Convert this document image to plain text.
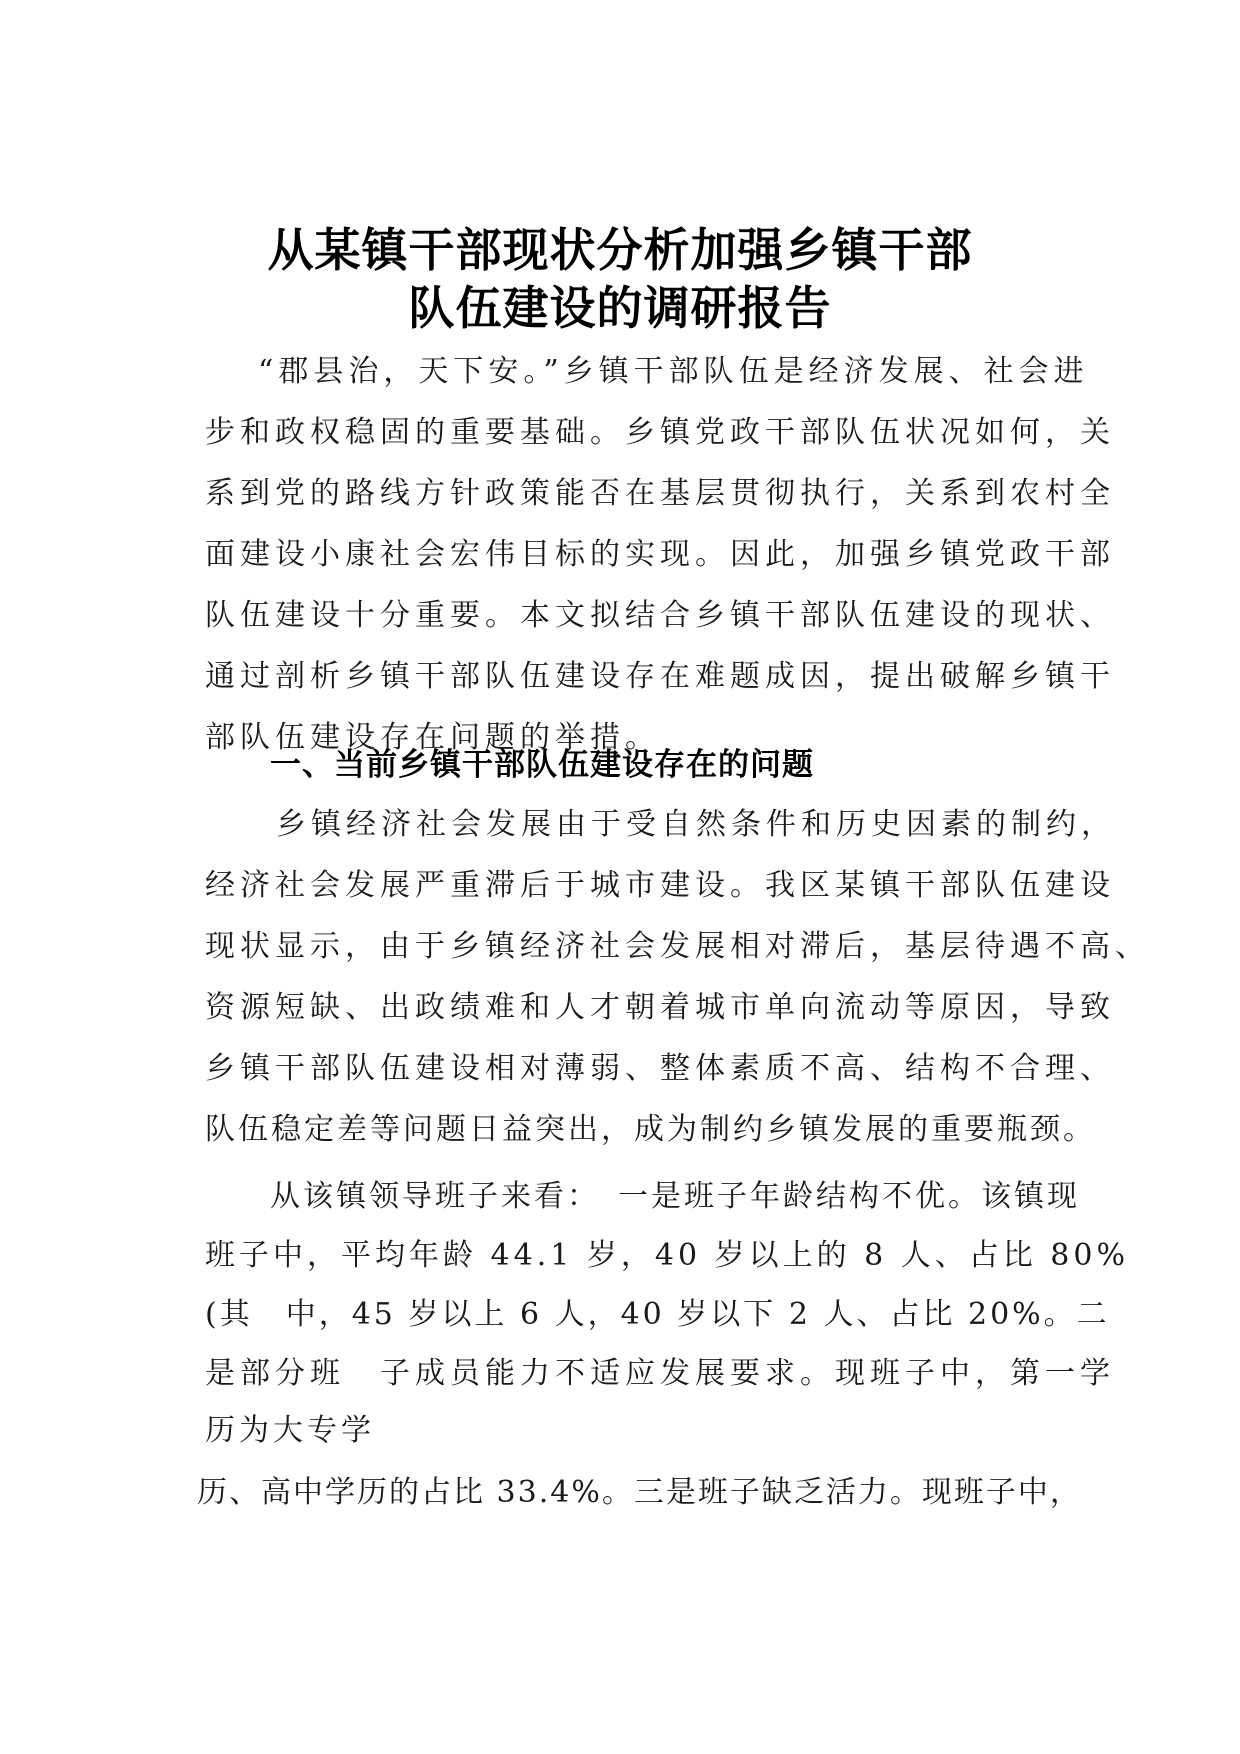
从某镇干部现状分析加强乡镇干部
队伍建设的调研报告
“郡县治，天下安。”乡镇干部队伍是经济发展、社会进
步和政权稳固的重要基础。乡镇党政干部队伍状况如何，关
系到党的路线方针政策能否在基层贯彻执行，关系到农村全
面建设小康社会宏伟目标的实现。因此，加强乡镇党政干部
队伍建设十分重要。本文拟结合乡镇干部队伍建设的现状、
通过剖析乡镇干部队伍建设存在难题成因，提出破解乡镇干
部队伍建设存在问题的举措。
一、当前乡镇干部队伍建设存在的问题
乡镇经济社会发展由于受自然条件和历史因素的制约，
经济社会发展严重滞后于城市建设。我区某镇干部队伍建设
现状显示，由于乡镇经济社会发展相对滞后，基层待遇不高、
资源短缺、出政绩难和人才朝着城市单向流动等原因，导致
乡镇干部队伍建设相对薄弱、整体素质不高、结构不合理、
队伍稳定差等问题日益突出，成为制约乡镇发展的重要瓶颈。
从该镇领导班子来看：　一是班子年龄结构不优。该镇现
班子中，平均年龄 44.1 岁，40 岁以上的 8 人、占比 80%
(其　中，45 岁以上 6 人，40 岁以下 2 人、占比 20%。二
是部分班　子成员能力不适应发展要求。现班子中，第一学
历为大专学
历、高中学历的占比 33.4%。三是班子缺乏活力。现班子中，
